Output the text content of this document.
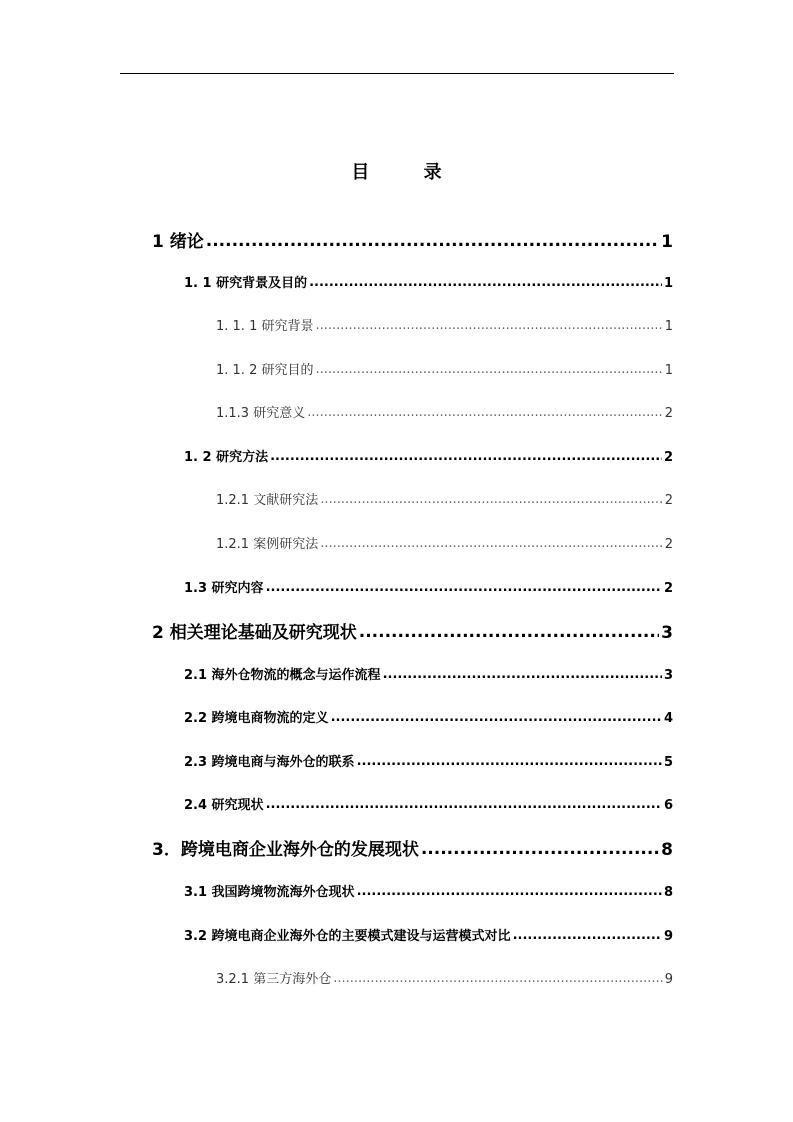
目 录
1 绪论 .....	1
1. 1 研究背景及目的 .....	1
1. 1. 1 研究背景 .....	1
1. 1. 2 研究目的 .....	1
1.1.3 研究意义 .....	2
1. 2 研究方法 .....	2
1.2.1 文献研究法 .....	2
1.2.1 案例研究法 .....	2
1.3 研究内容 .....	2
2 相关理论基础及研究现状 .....	3
2.1 海外仓物流的概念与运作流程 .....	3
2.2 跨境电商物流的定义 .....	4
2.3 跨境电商与海外仓的联系 .....	5
2.4 研究现状 .....	6
3．跨境电商企业海外仓的发展现状 .....	8
3.1 我国跨境物流海外仓现状 .....	8
3.2 跨境电商企业海外仓的主要模式建设与运营模式对比 .....	9
3.2.1 第三方海外仓 .....	9
